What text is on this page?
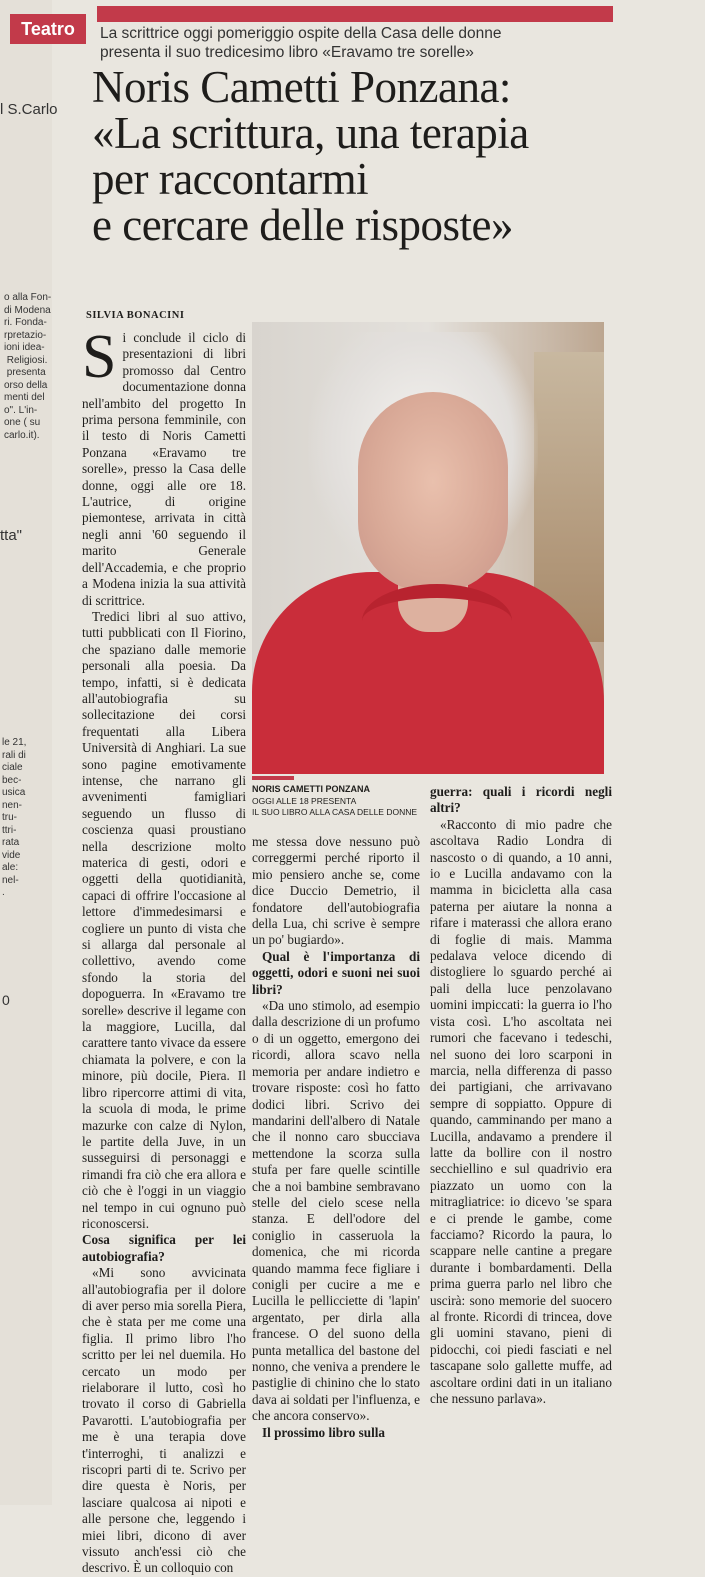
Teatro	La scrittrice oggi pomeriggio ospite della Casa delle donne
presenta il suo tredicesimo libro «Eravamo tre sorelle»
l S.Carlo
o alla Fon-
di Modena
ri. Fonda-
rpretazio-
ioni idea-
Religiosi.
presenta
orso della
menti del
o". L'in-
one ( su
carlo.it).
tta"
le 21,
rali di
ciale
bec-
usica
nen-
tru-
ttri-
rata
vide
ale:
nel-
.
0
Noris Cametti Ponzana:
«La scrittura, una terapia
per raccontarmi
e cercare delle risposte»
SILVIA BONACINI

Si conclude il ciclo di presentazioni di libri promosso dal Centro documentazione donna nell'ambito del progetto In prima persona femminile, con il testo di Noris Cametti Ponzana «Eravamo tre sorelle», presso la Casa delle donne, oggi alle ore 18. L'autrice, di origine piemontese, arrivata in città negli anni '60 seguendo il marito Generale dell'Accademia, e che proprio a Modena inizia la sua attività di scrittrice.

Tredici libri al suo attivo, tutti pubblicati con Il Fiorino, che spaziano dalle memorie personali alla poesia. Da tempo, infatti, si è dedicata all'autobiografia su sollecitazione dei corsi frequentati alla Libera Università di Anghiari. La sue sono pagine emotivamente intense, che narrano gli avvenimenti famigliari seguendo un flusso di coscienza quasi proustiano nella descrizione molto materica di gesti, odori e oggetti della quotidianità, capaci di offrire l'occasione al lettore d'immedesimarsi e cogliere un punto di vista che si allarga dal personale al collettivo, avendo come sfondo la storia del dopoguerra. In «Eravamo tre sorelle» descrive il legame con la maggiore, Lucilla, dal carattere tanto vivace da essere chiamata la polvere, e con la minore, più docile, Piera. Il libro ripercorre attimi di vita, la scuola di moda, le prime mazurke con calze di Nylon, le partite della Juve, in un susseguirsi di personaggi e rimandi fra ciò che era allora e ciò che è l'oggi in un viaggio nel tempo in cui ognuno può riconoscersi.

Cosa significa per lei autobiografia?

«Mi sono avvicinata all'autobiografia per il dolore di aver perso mia sorella Piera, che è stata per me come una figlia. Il primo libro l'ho scritto per lei nel duemila. Ho cercato un modo per rielaborare il lutto, così ho trovato il corso di Gabriella Pavarotti. L'autobiografia per me è una terapia dove t'interroghi, ti analizzi e riscopri parti di te. Scrivo per dire questa è Noris, per lasciare qualcosa ai nipoti e alle persone che, leggendo i miei libri, dicono di aver vissuto anch'essi ciò che descrivo. È un colloquio con

NORIS CAMETTI PONZANA
OGGI ALLE 18 PRESENTA
IL SUO LIBRO ALLA CASA DELLE DONNE

me stessa dove nessuno può correggermi perché riporto il mio pensiero anche se, come dice Duccio Demetrio, il fondatore dell'autobiografia della Lua, chi scrive è sempre un po' bugiardo».

Qual è l'importanza di oggetti, odori e suoni nei suoi libri?

«Da uno stimolo, ad esempio dalla descrizione di un profumo o di un oggetto, emergono dei ricordi, allora scavo nella memoria per andare indietro e trovare risposte: così ho fatto dodici libri. Scrivo dei mandarini dell'albero di Natale che il nonno caro sbucciava mettendone la scorza sulla stufa per fare quelle scintille che a noi bambine sembravano stelle del cielo scese nella stanza. E dell'odore del coniglio in casseruola la domenica, che mi ricorda quando mamma fece figliare i conigli per cucire a me e Lucilla le pellicciette di 'lapin' argentato, per dirla alla francese. O del suono della punta metallica del bastone del nonno, che veniva a prendere le pastiglie di chinino che lo stato dava ai soldati per l'influenza, e che ancora conservo».

Il prossimo libro sulla

guerra: quali i ricordi negli altri?

«Racconto di mio padre che ascoltava Radio Londra di nascosto o di quando, a 10 anni, io e Lucilla andavamo con la mamma in bicicletta alla casa paterna per aiutare la nonna a rifare i materassi che allora erano di foglie di mais. Mamma pedalava veloce dicendo di distogliere lo sguardo perché ai pali della luce penzolavano uomini impiccati: la guerra io l'ho vista così. L'ho ascoltata nei rumori che facevano i tedeschi, nel suono dei loro scarponi in marcia, nella differenza di passo dei partigiani, che arrivavano sempre di soppiatto. Oppure di quando, camminando per mano a Lucilla, andavamo a prendere il latte da bollire con il nostro secchiellino e sul quadrivio era piazzato un uomo con la mitragliatrice: io dicevo 'se spara e ci prende le gambe, come facciamo? Ricordo la paura, lo scappare nelle cantine a pregare durante i bombardamenti. Della prima guerra parlo nel libro che uscirà: sono memorie del suocero al fronte. Ricordi di trincea, dove gli uomini stavano, pieni di pidocchi, coi piedi fasciati e nel tascapane solo gallette muffe, ad ascoltare ordini dati in un italiano che nessuno parlava».
